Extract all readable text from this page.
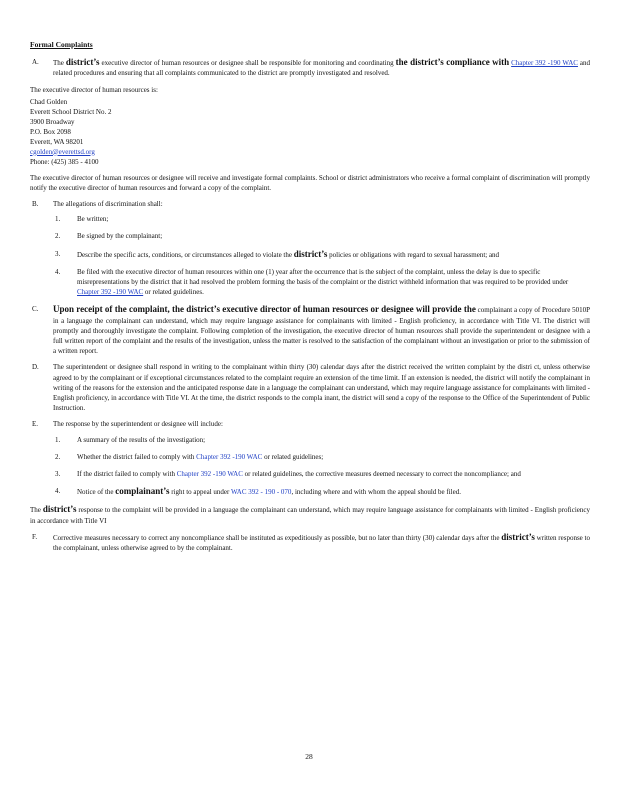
Formal Complaints
A. The district’s executive director of human resources or designee shall be responsible for monitoring and coordinating the district’s compliance with Chapter 392 -190 WAC and related procedures and ensuring that all complaints communicated to the district are promptly investigated and resolved.
The executive director of human resources is:
Chad Golden
Everett School District No. 2
3900 Broadway
P.O. Box 2098
Everett, WA 98201
cgolden@everettsd.org
Phone: (425) 385 - 4100
The executive director of human resources or designee will receive and investigate formal complaints. School or district administrators who receive a formal complaint of discrimination will promptly notify the executive director of human resources and forward a copy of the complaint.
B. The allegations of discrimination shall:
1. Be written;
2. Be signed by the complainant;
3. Describe the specific acts, conditions, or circumstances alleged to violate the district’s policies or obligations with regard to sexual harassment; and
4. Be filed with the executive director of human resources within one (1) year after the occurrence that is the subject of the complaint, unless the delay is due to specific misrepresentations by the district that it had resolved the problem forming the basis of the complaint or the district withheld information that was required to be provided under Chapter 392 -190 WAC or related guidelines.
C. Upon receipt of the complaint, the district’s executive director of human resources or designee will provide the complainant a copy of Procedure 5010P in a language the complainant can understand, which may require language assistance for complainants with limited - English proficiency, in accordance with Title VI. The district will promptly and thoroughly investigate the complaint. Following completion of the investigation, the executive director of human resources shall provide the superintendent or designee with a full written report of the complaint and the results of the investigation, unless the matter is resolved to the satisfaction of the complainant without an investigation or prior to the submission of a written report.
D. The superintendent or designee shall respond in writing to the complainant within thirty (30) calendar days after the district received the written complaint by the distri ct, unless otherwise agreed to by the complainant or if exceptional circumstances related to the complaint require an extension of the time limit. If an extension is needed, the district will notify the complainant in writing of the reasons for the extension and the anticipated response date in a language the complainant can understand, which may require language assistance for complainants with limited - English proficiency, in accordance with Title VI. At the time, the district responds to the compla inant, the district will send a copy of the response to the Office of the Superintendent of Public Instruction.
E. The response by the superintendent or designee will include:
1. A summary of the results of the investigation;
2. Whether the district failed to comply with Chapter 392 -190 WAC or related guidelines;
3. If the district failed to comply with Chapter 392 -190 WAC or related guidelines, the corrective measures deemed necessary to correct the noncompliance; and
4. Notice of the complainant’s right to appeal under WAC 392 - 190 - 070, including where and with whom the appeal should be filed.
The district’s response to the complaint will be provided in a language the complainant can understand, which may require language assistance for complainants with limited - English proficiency in accordance with Title VI
F. Corrective measures necessary to correct any noncompliance shall be instituted as expeditiously as possible, but no later than thirty (30) calendar days after the district’s written response to the complainant, unless otherwise agreed to by the complainant.
28
